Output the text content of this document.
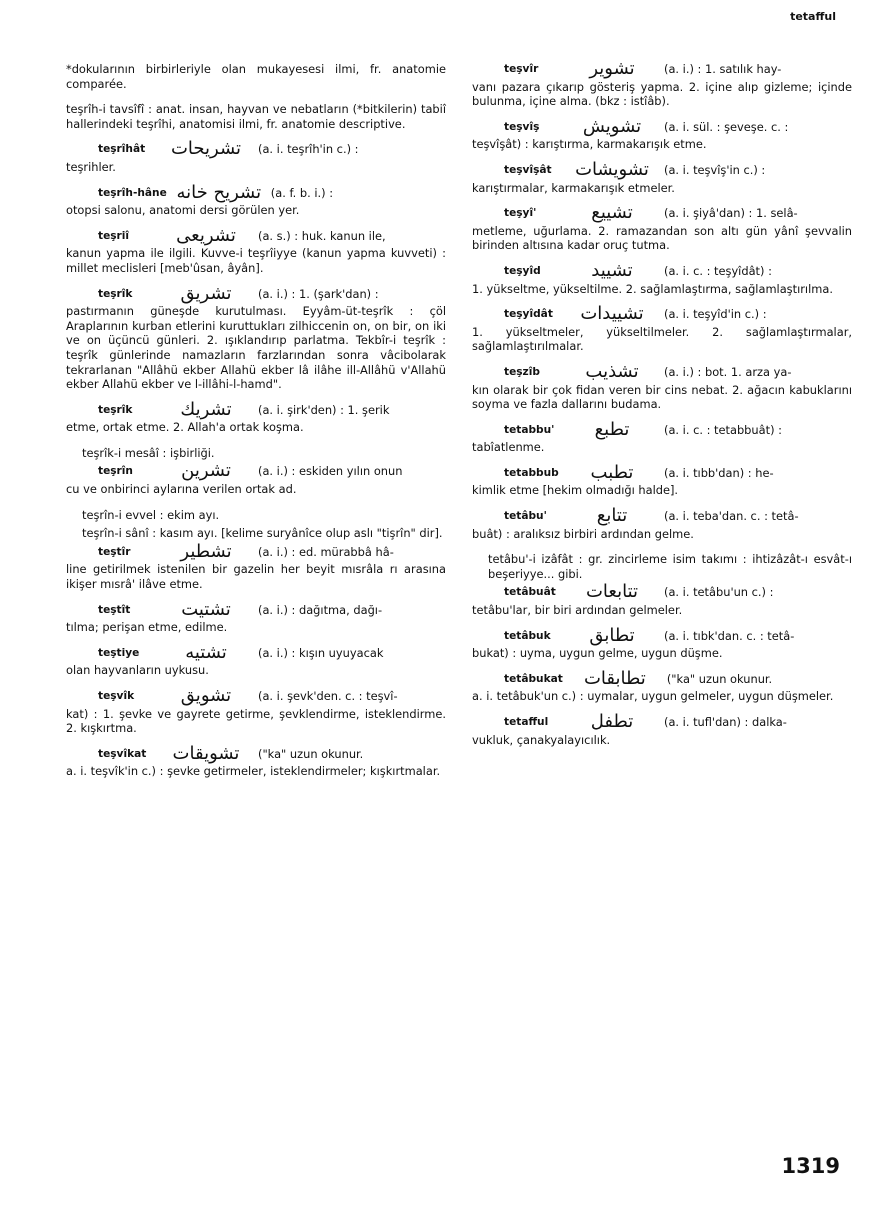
tetafful
*dokularının birbirleriyle olan mukayesesi ilmi, fr. anatomie comparée.
teşrîh-i tavsîfî : anat. insan, hayvan ve nebatların (*bitkilerin) tabiî hallerindeki teşrîhi, anatomisi ilmi, fr. anatomie descriptive.
teşrîhât	تشريحات	(a. i. teşrîh'in c.) :
teşrihler.
teşrîh-hâne تشريح خانه (a. f. b. i.) :
otopsi salonu, anatomi dersi görülen yer.
teşriî	تشريعى	(a. s.) : huk. kanun ile,
kanun yapma ile ilgili. Kuvve-i teşrîiyye (kanun yapma kuvveti) : millet meclisleri [meb'ûsan, âyân].
teşrîk	تشريق	(a. i.) : 1. (şark'dan) :
pastırmanın güneşde kurutulması. Eyyâm-üt-teşrîk : çöl Araplarının kurban etlerini kuruttukları zilhiccenin on, on bir, on iki ve on üçüncü günleri. 2. ışıklandırıp parlatma. Tekbîr-i teşrîk : teşrîk günlerinde namazların farzlarından sonra vâcibolarak tekrarlanan "Allâhü ekber Allahü ekber lâ ilâhe ill-Allâhü v'Allahü ekber Allahü ekber ve l-illâhi-l-hamd".
teşrîk	تشريك	(a. i. şirk'den) : 1. şerik
etme, ortak etme. 2. Allah'a ortak koşma.
teşrîk-i mesâî : işbirliği.
teşrîn	تشرين	(a. i.) : eskiden yılın onun
cu ve onbirinci aylarına verilen ortak ad.
teşrîn-i evvel : ekim ayı.
teşrîn-i sânî : kasım ayı. [kelime suryânîce olup aslı "tişrîn" dir].
teştîr	تشطير	(a. i.) : ed. mürabbâ hâ-
line getirilmek istenilen bir gazelin her beyit mısrâla rı arasına ikişer mısrâ' ilâve etme.
teştît	تشتيت	(a. i.) : dağıtma, dağı-
tılma; perişan etme, edilme.
teştiye	تشتيه	(a. i.) : kışın uyuyacak
olan hayvanların uykusu.
teşvîk	تشويق	(a. i. şevk'den. c. : teşvî-
kat) : 1. şevke ve gayrete getirme, şevklendirme, isteklendirme. 2. kışkırtma.
teşvîkat	تشويقات	("ka" uzun okunur.
a. i. teşvîk'in c.) : şevke getirmeler, isteklendirmeler; kışkırtmalar.
teşvîr	تشوير	(a. i.) : 1. satılık hay-
vanı pazara çıkarıp gösteriş yapma. 2. içine alıp gizleme; içinde bulunma, içine alma. (bkz : istîâb).
teşvîş	تشويش	(a. i. sül. : şeveşe. c. :
teşvîşât) : karıştırma, karmakarışık etme.
teşvîşât	تشويشات	(a. i. teşvîş'in c.) :
karıştırmalar, karmakarışık etmeler.
teşyî'	تشييع	(a. i. şiyâ'dan) : 1. selâ-
metleme, uğurlama. 2. ramazandan son altı gün yânî şevvalin birinden altısına kadar oruç tutma.
teşyîd	تشييد	(a. i. c. : teşyîdât) :
1. yükseltme, yükseltilme. 2. sağlamlaştırma, sağlamlaştırılma.
teşyîdât	تشييدات	(a. i. teşyîd'in c.) :
1. yükseltmeler, yükseltilmeler. 2. sağlamlaştırmalar, sağlamlaştırılmalar.
teşzîb	تشذيب	(a. i.) : bot. 1. arza ya-
kın olarak bir çok fidan veren bir cins nebat. 2. ağacın kabuklarını soyma ve fazla dallarını budama.
tetabbu'	تطبع	(a. i. c. : tetabbuât) :
tabîatlenme.
tetabbub	تطبب	(a. i. tıbb'dan) : he-
kimlik etme [hekim olmadığı halde].
tetâbu'	تتابع	(a. i. teba'dan. c. : tetâ-
buât) : aralıksız birbiri ardından gelme.
tetâbu'-i izâfât : gr. zincirleme isim takımı : ihtizâzât-ı esvât-ı beşeriyye... gibi.
tetâbuât	تتابعات	(a. i. tetâbu'un c.) :
tetâbu'lar, bir biri ardından gelmeler.
tetâbuk	تطابق	(a. i. tıbk'dan. c. : tetâ-
bukat) : uyma, uygun gelme, uygun düşme.
tetâbukat	تطابقات	("ka" uzun okunur.
a. i. tetâbuk'un c.) : uymalar, uygun gelmeler, uygun düşmeler.
tetafful	تطفل	(a. i. tufl'dan) : dalka-
vukluk, çanakyalayıcılık.
1319
